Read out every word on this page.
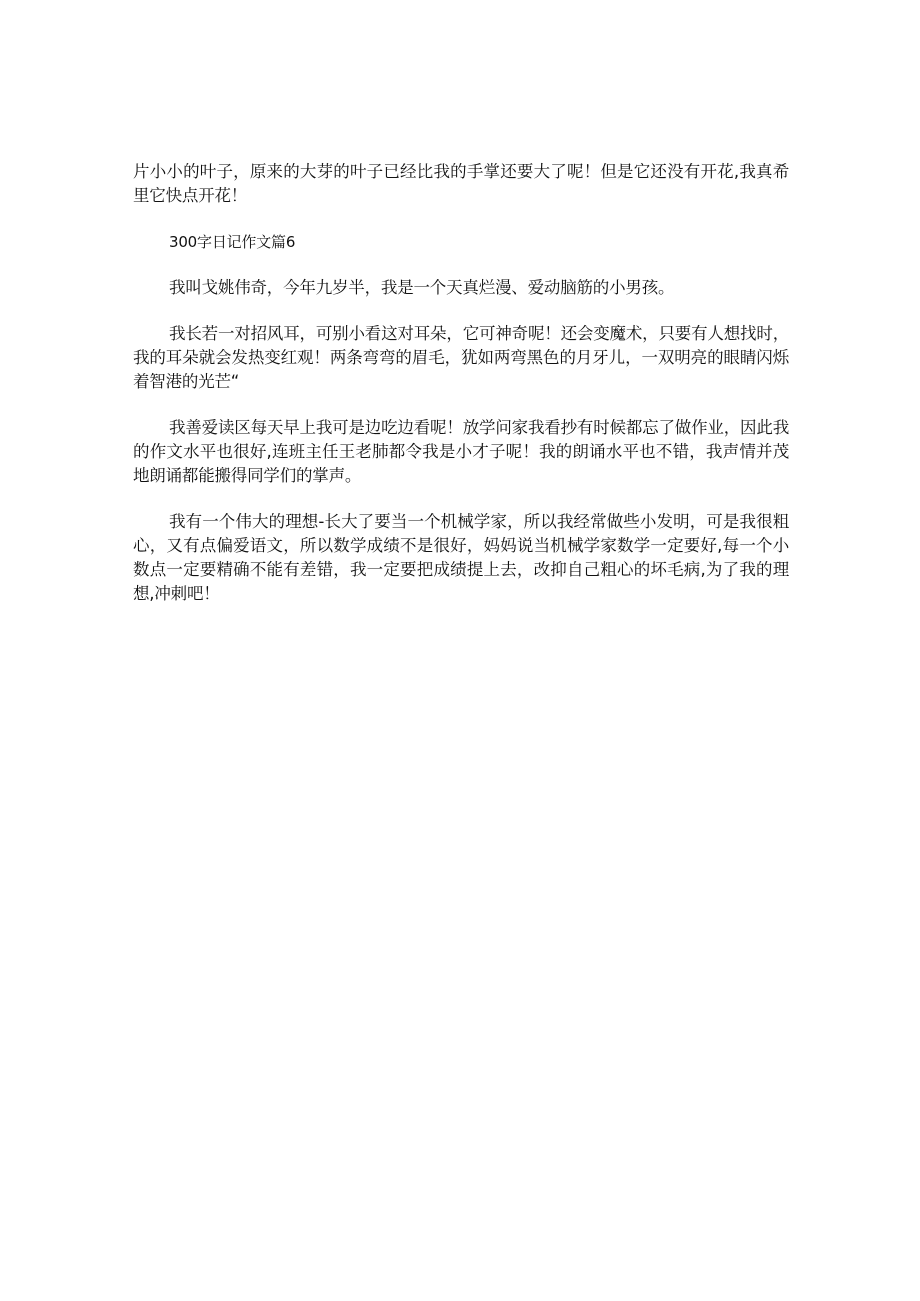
片小小的叶子，原来的大芽的叶子已经比我的手掌还要大了呢！但是它还没有开花,我真希里它快点开花！

300字日记作文篇6

我叫戈姚伟奇，今年九岁半，我是一个天真烂漫、爱动脑筋的小男孩。

我长若一对招风耳，可别小看这对耳朵，它可神奇呢！还会变魔术，只要有人想找时，我的耳朵就会发热变红观！两条弯弯的眉毛，犹如两弯黑色的月牙儿，一双明亮的眼睛闪烁着智港的光芒“

我善爱读区每天早上我可是边吃边看呢！放学问家我看抄有时候都忘了做作业，因此我的作文水平也很好,连班主任王老肺都令我是小才子呢！我的朗诵水平也不错，我声情并茂地朗诵都能搬得同学们的掌声。

我有一个伟大的理想-长大了要当一个机械学家，所以我经常做些小发明，可是我很粗心，又有点偏爱语文，所以数学成绩不是很好，妈妈说当机械学家数学一定要好,每一个小数点一定要精确不能有差错，我一定要把成绩提上去，改抑自己粗心的坏毛病,为了我的理想,冲刺吧！
